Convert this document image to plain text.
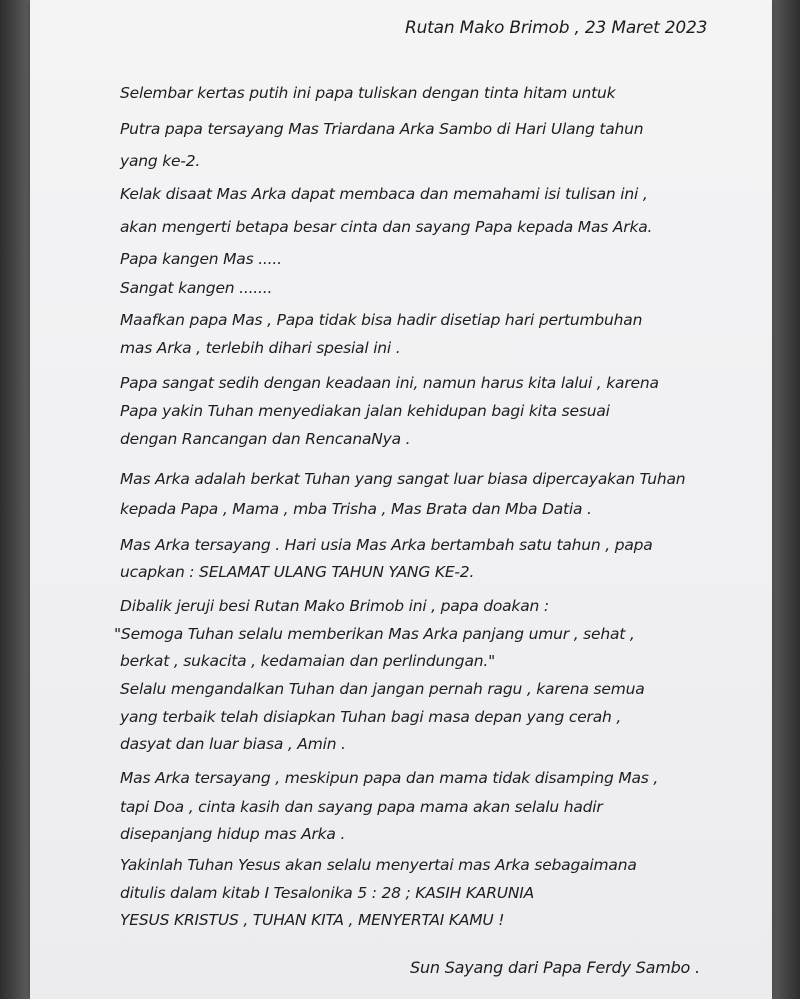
Rutan Mako Brimob , 23 Maret 2023

Selembar kertas putih ini papa tuliskan dengan tinta hitam untuk

Putra papa tersayang Mas Triardana Arka Sambo di Hari Ulang tahun

yang ke-2.

Kelak disaat Mas Arka dapat membaca dan memahami isi tulisan ini ,

akan mengerti betapa besar cinta dan sayang Papa kepada Mas Arka.

Papa kangen Mas .....

Sangat kangen .......

Maafkan papa Mas , Papa tidak bisa hadir disetiap hari pertumbuhan

mas Arka , terlebih dihari spesial ini .

Papa sangat sedih dengan keadaan ini, namun harus kita lalui , karena

Papa yakin Tuhan menyediakan jalan kehidupan bagi kita sesuai

dengan Rancangan dan RencanaNya .

Mas Arka adalah berkat Tuhan yang sangat luar biasa dipercayakan Tuhan

kepada Papa , Mama , mba Trisha , Mas Brata dan Mba Datia .

Mas Arka tersayang . Hari usia Mas Arka bertambah satu tahun , papa

ucapkan : SELAMAT ULANG TAHUN YANG KE-2.

Dibalik jeruji besi Rutan Mako Brimob ini , papa doakan :

"Semoga Tuhan selalu memberikan Mas Arka panjang umur , sehat ,

berkat , sukacita , kedamaian dan perlindungan."

Selalu mengandalkan Tuhan dan jangan pernah ragu , karena semua

yang terbaik telah disiapkan Tuhan bagi masa depan yang cerah ,

dasyat dan luar biasa , Amin .

Mas Arka tersayang , meskipun papa dan mama tidak disamping Mas ,

tapi Doa , cinta kasih dan sayang papa mama akan selalu hadir

disepanjang hidup mas Arka .

Yakinlah Tuhan Yesus akan selalu menyertai mas Arka sebagaimana

ditulis dalam kitab I Tesalonika 5 : 28 ; KASIH KARUNIA

YESUS KRISTUS , TUHAN KITA , MENYERTAI KAMU !

Sun Sayang dari Papa Ferdy Sambo .
